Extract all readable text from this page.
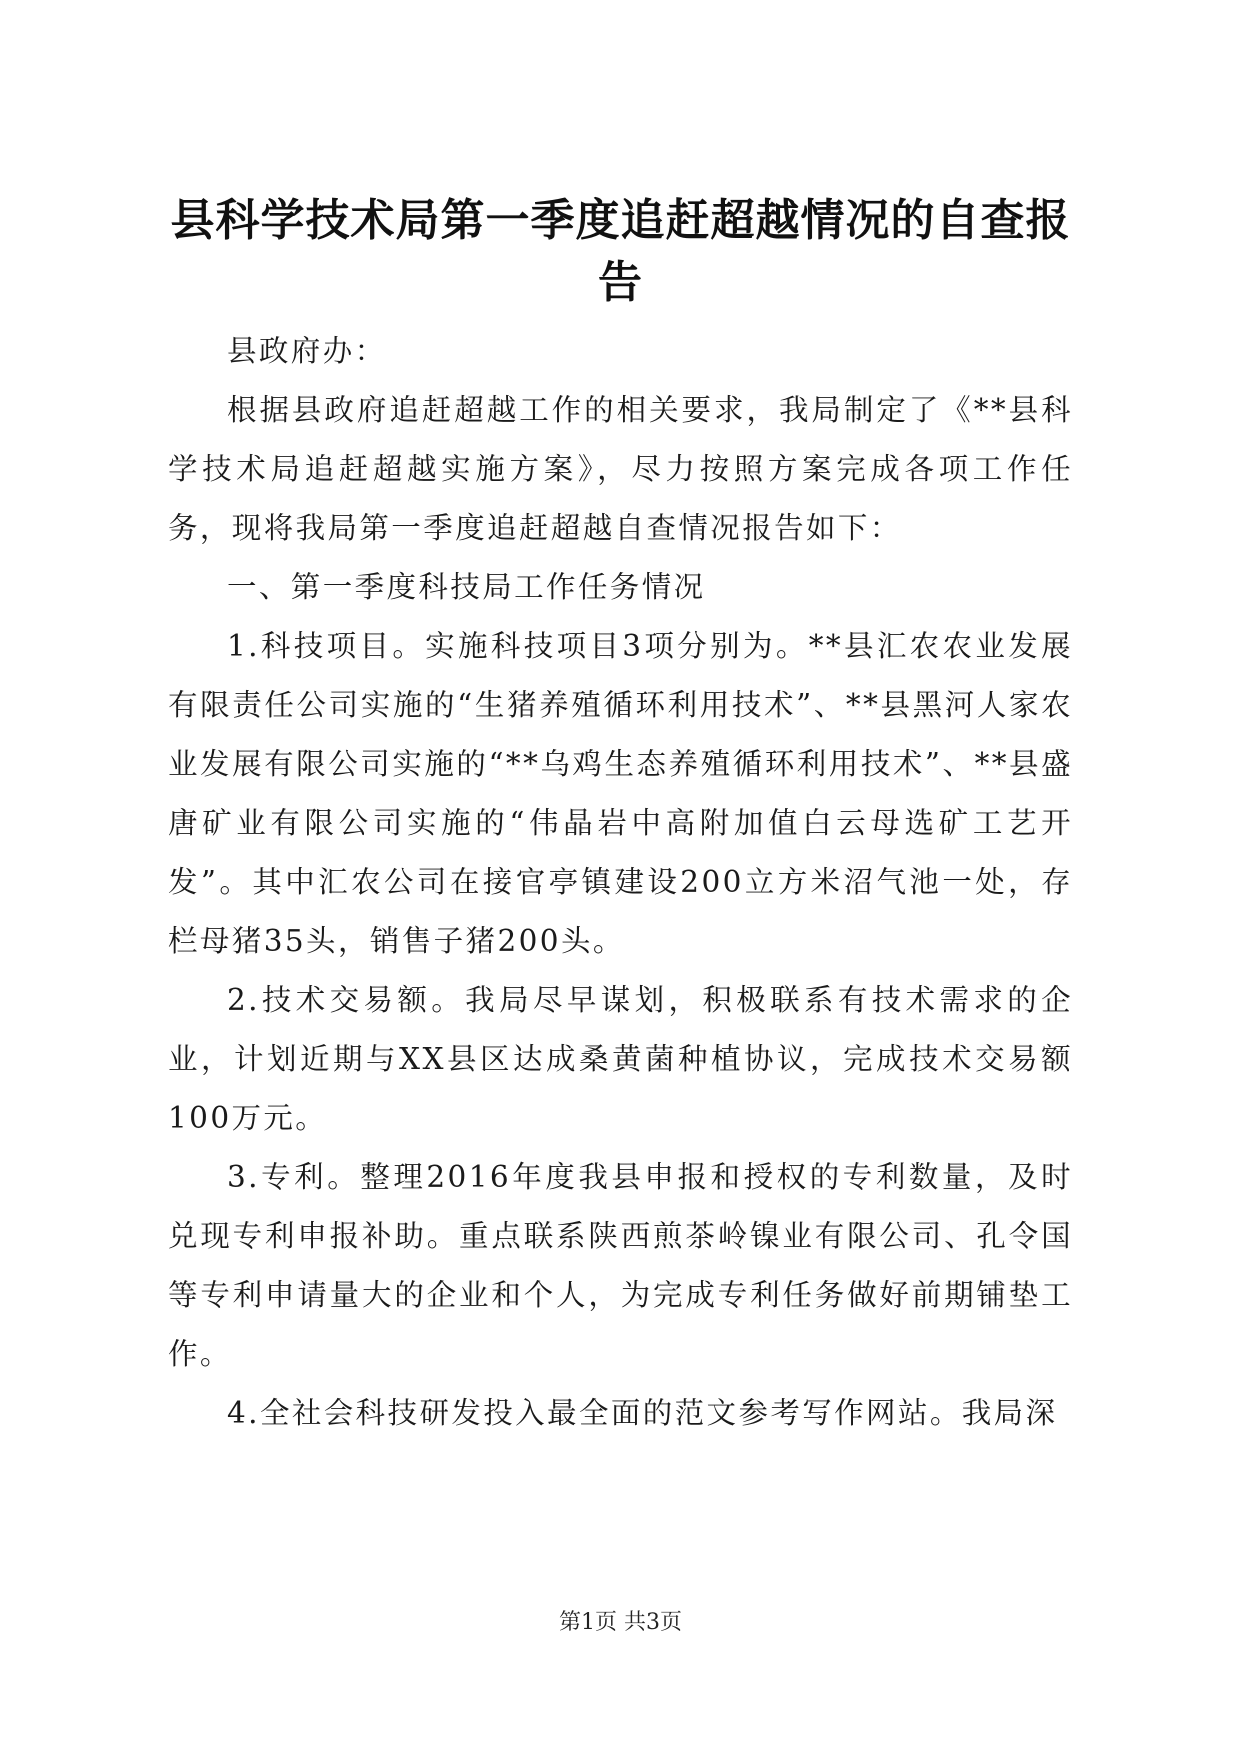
县科学技术局第一季度追赶超越情况的自查报告

县政府办：

根据县政府追赶超越工作的相关要求，我局制定了《**县科学技术局追赶超越实施方案》，尽力按照方案完成各项工作任务，现将我局第一季度追赶超越自查情况报告如下：

一、第一季度科技局工作任务情况

1.科技项目。实施科技项目3项分别为。**县汇农农业发展有限责任公司实施的“生猪养殖循环利用技术”、**县黑河人家农业发展有限公司实施的“**乌鸡生态养殖循环利用技术”、**县盛唐矿业有限公司实施的“伟晶岩中高附加值白云母选矿工艺开发”。其中汇农公司在接官亭镇建设200立方米沼气池一处，存栏母猪35头，销售子猪200头。

2.技术交易额。我局尽早谋划，积极联系有技术需求的企业，计划近期与XX县区达成桑黄菌种植协议，完成技术交易额100万元。

3.专利。整理2016年度我县申报和授权的专利数量，及时兑现专利申报补助。重点联系陕西煎茶岭镍业有限公司、孔令国等专利申请量大的企业和个人，为完成专利任务做好前期铺垫工作。

4.全社会科技研发投入最全面的范文参考写作网站。我局深

第1页 共3页
